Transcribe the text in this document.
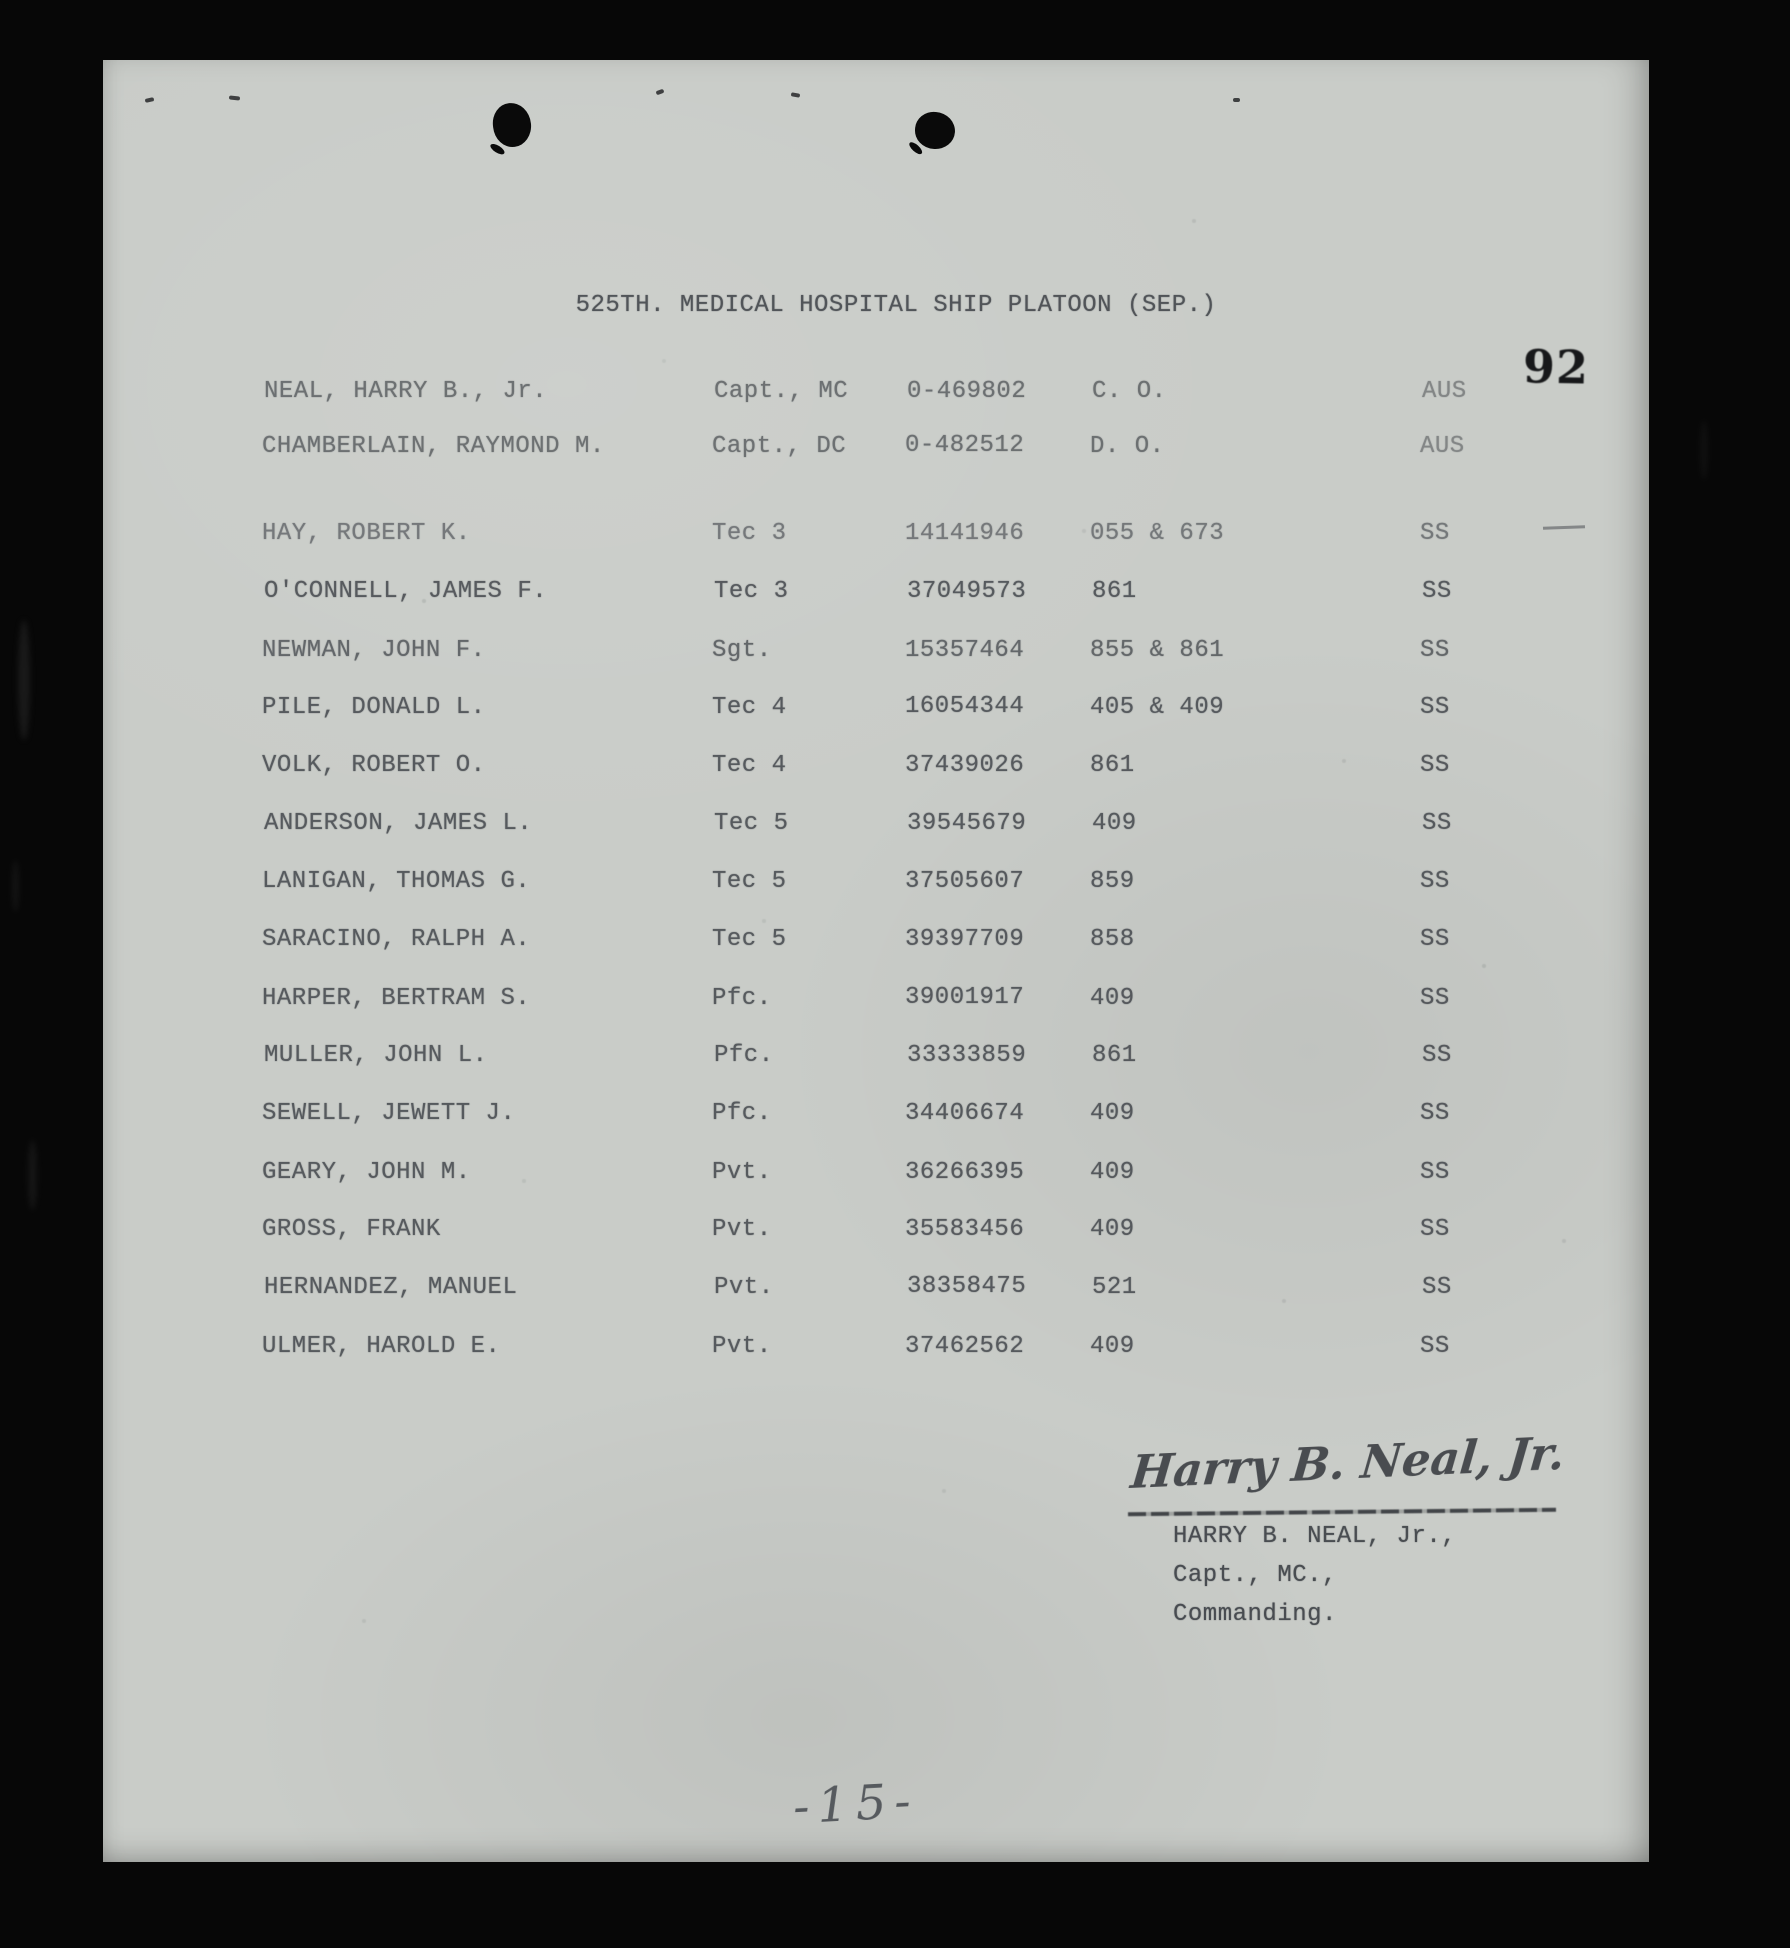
525TH. MEDICAL HOSPITAL SHIP PLATOON (SEP.)
92
NEAL, HARRY B., Jr.	Capt., MC	0-469802	C. O.	AUS
CHAMBERLAIN, RAYMOND M.	Capt., DC	0-482512	D. O.	AUS
HAY, ROBERT K.	Tec 3	14141946	055 & 673	SS
O'CONNELL, JAMES F.	Tec 3	37049573	861	SS
NEWMAN, JOHN F.	Sgt.	15357464	855 & 861	SS
PILE, DONALD L.	Tec 4	16054344	405 & 409	SS
VOLK, ROBERT O.	Tec 4	37439026	861	SS
ANDERSON, JAMES L.	Tec 5	39545679	409	SS
LANIGAN, THOMAS G.	Tec 5	37505607	859	SS
SARACINO, RALPH A.	Tec 5	39397709	858	SS
HARPER, BERTRAM S.	Pfc.	39001917	409	SS
MULLER, JOHN L.	Pfc.	33333859	861	SS
SEWELL, JEWETT J.	Pfc.	34406674	409	SS
GEARY, JOHN M.	Pvt.	36266395	409	SS
GROSS, FRANK	Pvt.	35583456	409	SS
HERNANDEZ, MANUEL	Pvt.	38358475	521	SS
ULMER, HAROLD E.	Pvt.	37462562	409	SS
Harry B. Neal, Jr.
HARRY B. NEAL, Jr.,
Capt., MC.,
Commanding.
-15-
